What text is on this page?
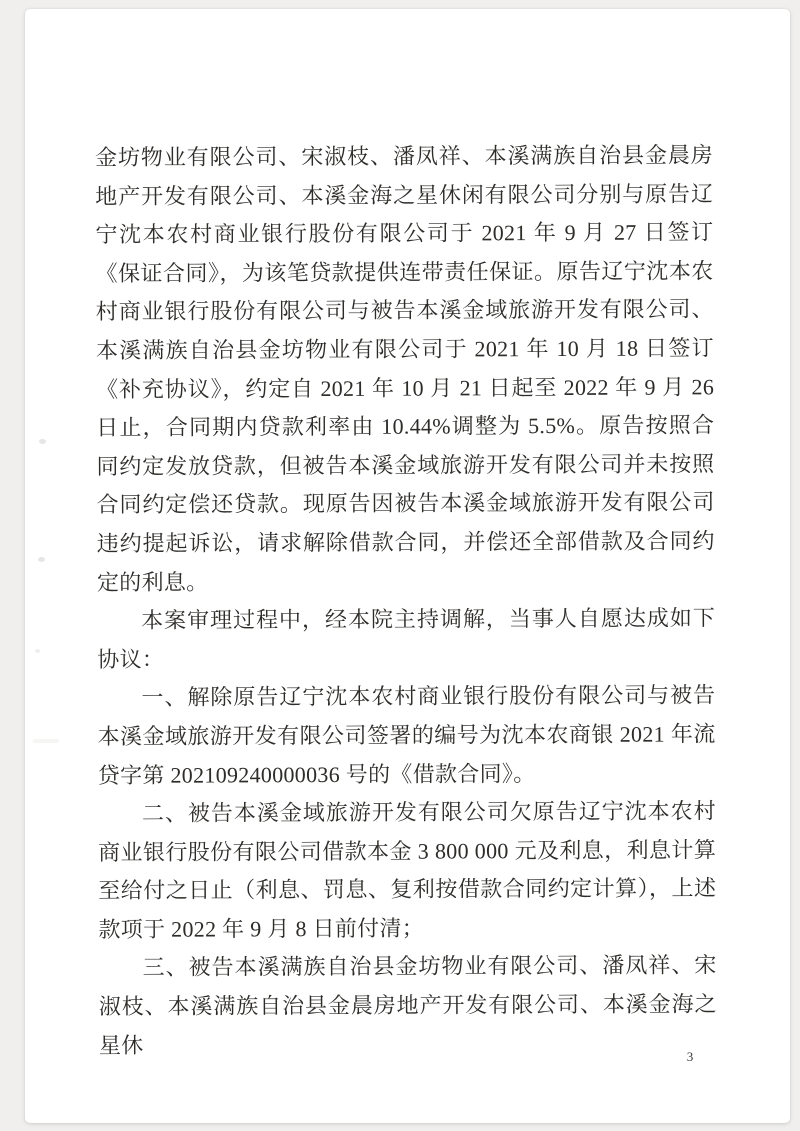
金坊物业有限公司、宋淑枝、潘凤祥、本溪满族自治县金晨房地产开发有限公司、本溪金海之星休闲有限公司分别与原告辽宁沈本农村商业银行股份有限公司于 2021 年 9 月 27 日签订《保证合同》，为该笔贷款提供连带责任保证。原告辽宁沈本农村商业银行股份有限公司与被告本溪金域旅游开发有限公司、本溪满族自治县金坊物业有限公司于 2021 年 10 月 18 日签订《补充协议》，约定自 2021 年 10 月 21 日起至 2022 年 9 月 26 日止，合同期内贷款利率由 10.44%调整为 5.5%。原告按照合同约定发放贷款，但被告本溪金域旅游开发有限公司并未按照合同约定偿还贷款。现原告因被告本溪金域旅游开发有限公司违约提起诉讼，请求解除借款合同，并偿还全部借款及合同约定的利息。

本案审理过程中，经本院主持调解，当事人自愿达成如下协议：

一、解除原告辽宁沈本农村商业银行股份有限公司与被告本溪金域旅游开发有限公司签署的编号为沈本农商银 2021 年流贷字第 202109240000036 号的《借款合同》。

二、被告本溪金域旅游开发有限公司欠原告辽宁沈本农村商业银行股份有限公司借款本金 3 800 000 元及利息，利息计算至给付之日止（利息、罚息、复利按借款合同约定计算），上述款项于 2022 年 9 月 8 日前付清；

三、被告本溪满族自治县金坊物业有限公司、潘凤祥、宋淑枝、本溪满族自治县金晨房地产开发有限公司、本溪金海之星休	3
